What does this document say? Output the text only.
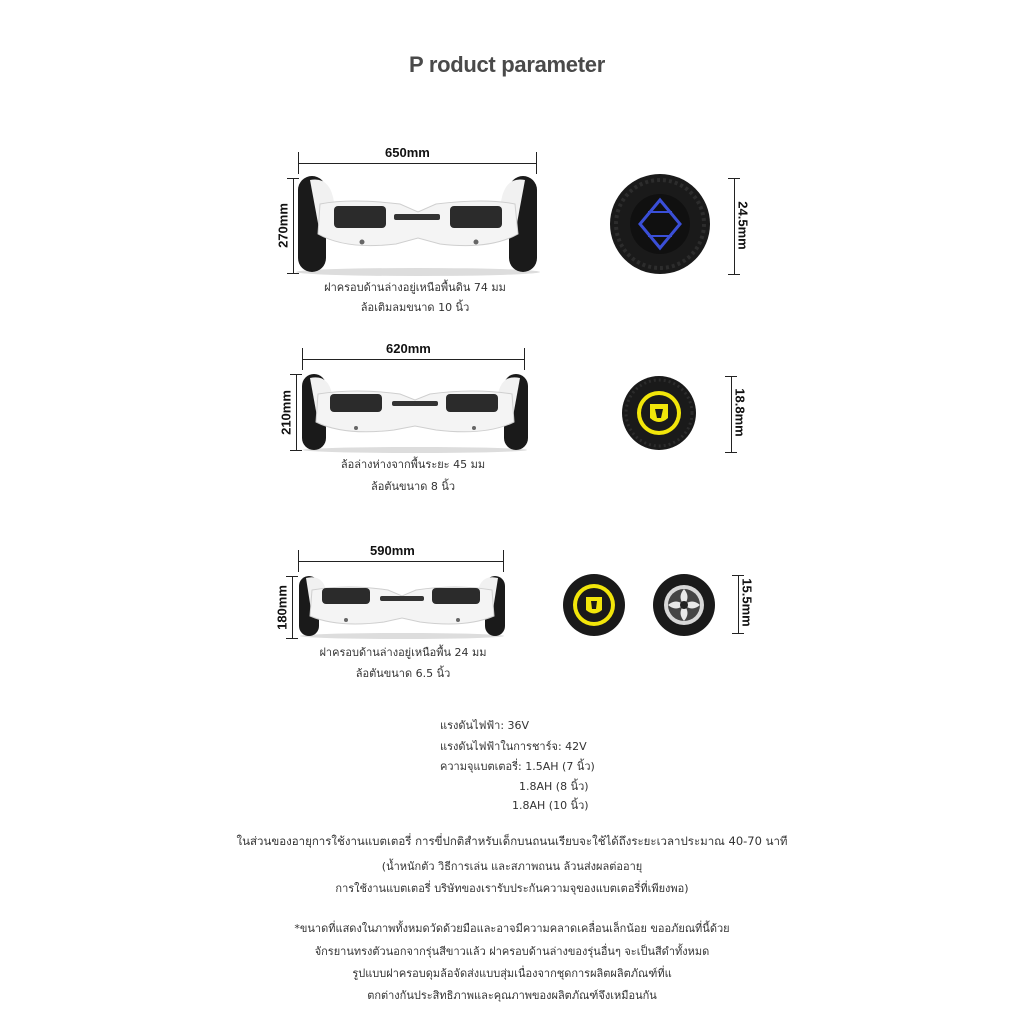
P roduct parameter
650mm
270mm	24.5mm
ฝาครอบด้านล่างอยู่เหนือพื้นดิน 74 มม
ล้อเติมลมขนาด 10 นิ้ว
620mm
210mm	18.8mm
ล้อล่างห่างจากพื้นระยะ 45 มม
ล้อตันขนาด 8 นิ้ว
590mm
180mm	15.5mm
ฝาครอบด้านล่างอยู่เหนือพื้น 24 มม
ล้อตันขนาด 6.5 นิ้ว
แรงดันไฟฟ้า: 36V
แรงดันไฟฟ้าในการชาร์จ: 42V
ความจุแบตเตอรี่: 1.5AH (7 นิ้ว)
1.8AH (8 นิ้ว)
1.8AH (10 นิ้ว)
ในส่วนของอายุการใช้งานแบตเตอรี่ การขี่ปกติสำหรับเด็กบนถนนเรียบจะใช้ได้ถึงระยะเวลาประมาณ 40-70 นาที
(น้ำหนักตัว วิธีการเล่น และสภาพถนน ล้วนส่งผลต่ออายุ
การใช้งานแบตเตอรี่ บริษัทของเรารับประกันความจุของแบตเตอรี่ที่เพียงพอ)
*ขนาดที่แสดงในภาพทั้งหมดวัดด้วยมือและอาจมีความคลาดเคลื่อนเล็กน้อย ขออภัยณที่นี้ด้วย
จักรยานทรงตัวนอกจากรุ่นสีขาวแล้ว ฝาครอบด้านล่างของรุ่นอื่นๆ จะเป็นสีดำทั้งหมด
รูปแบบฝาครอบดุมล้อจัดส่งแบบสุ่มเนื่องจากชุดการผลิตผลิตภัณฑ์ที่แ
ตกต่างกันประสิทธิภาพและคุณภาพของผลิตภัณฑ์จึงเหมือนกัน
